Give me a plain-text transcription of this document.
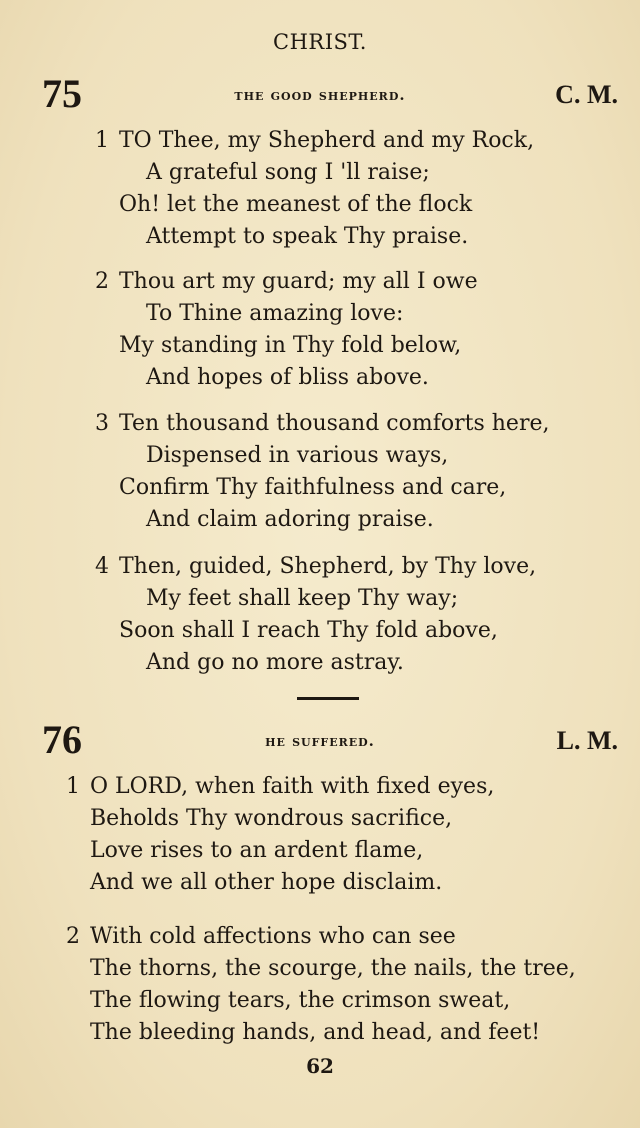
CHRIST.
75	the good shepherd.	C. M.
1 TO Thee, my Shepherd and my Rock,
A grateful song I 'll raise;
Oh! let the meanest of the flock
Attempt to speak Thy praise.
2 Thou art my guard; my all I owe
To Thine amazing love:
My standing in Thy fold below,
And hopes of bliss above.
3 Ten thousand thousand comforts here,
Dispensed in various ways,
Confirm Thy faithfulness and care,
And claim adoring praise.
4 Then, guided, Shepherd, by Thy love,
My feet shall keep Thy way;
Soon shall I reach Thy fold above,
And go no more astray.
76	he suffered.	L. M.
1 O LORD, when faith with fixed eyes,
Beholds Thy wondrous sacrifice,
Love rises to an ardent flame,
And we all other hope disclaim.
2 With cold affections who can see
The thorns, the scourge, the nails, the tree,
The flowing tears, the crimson sweat,
The bleeding hands, and head, and feet!
62
